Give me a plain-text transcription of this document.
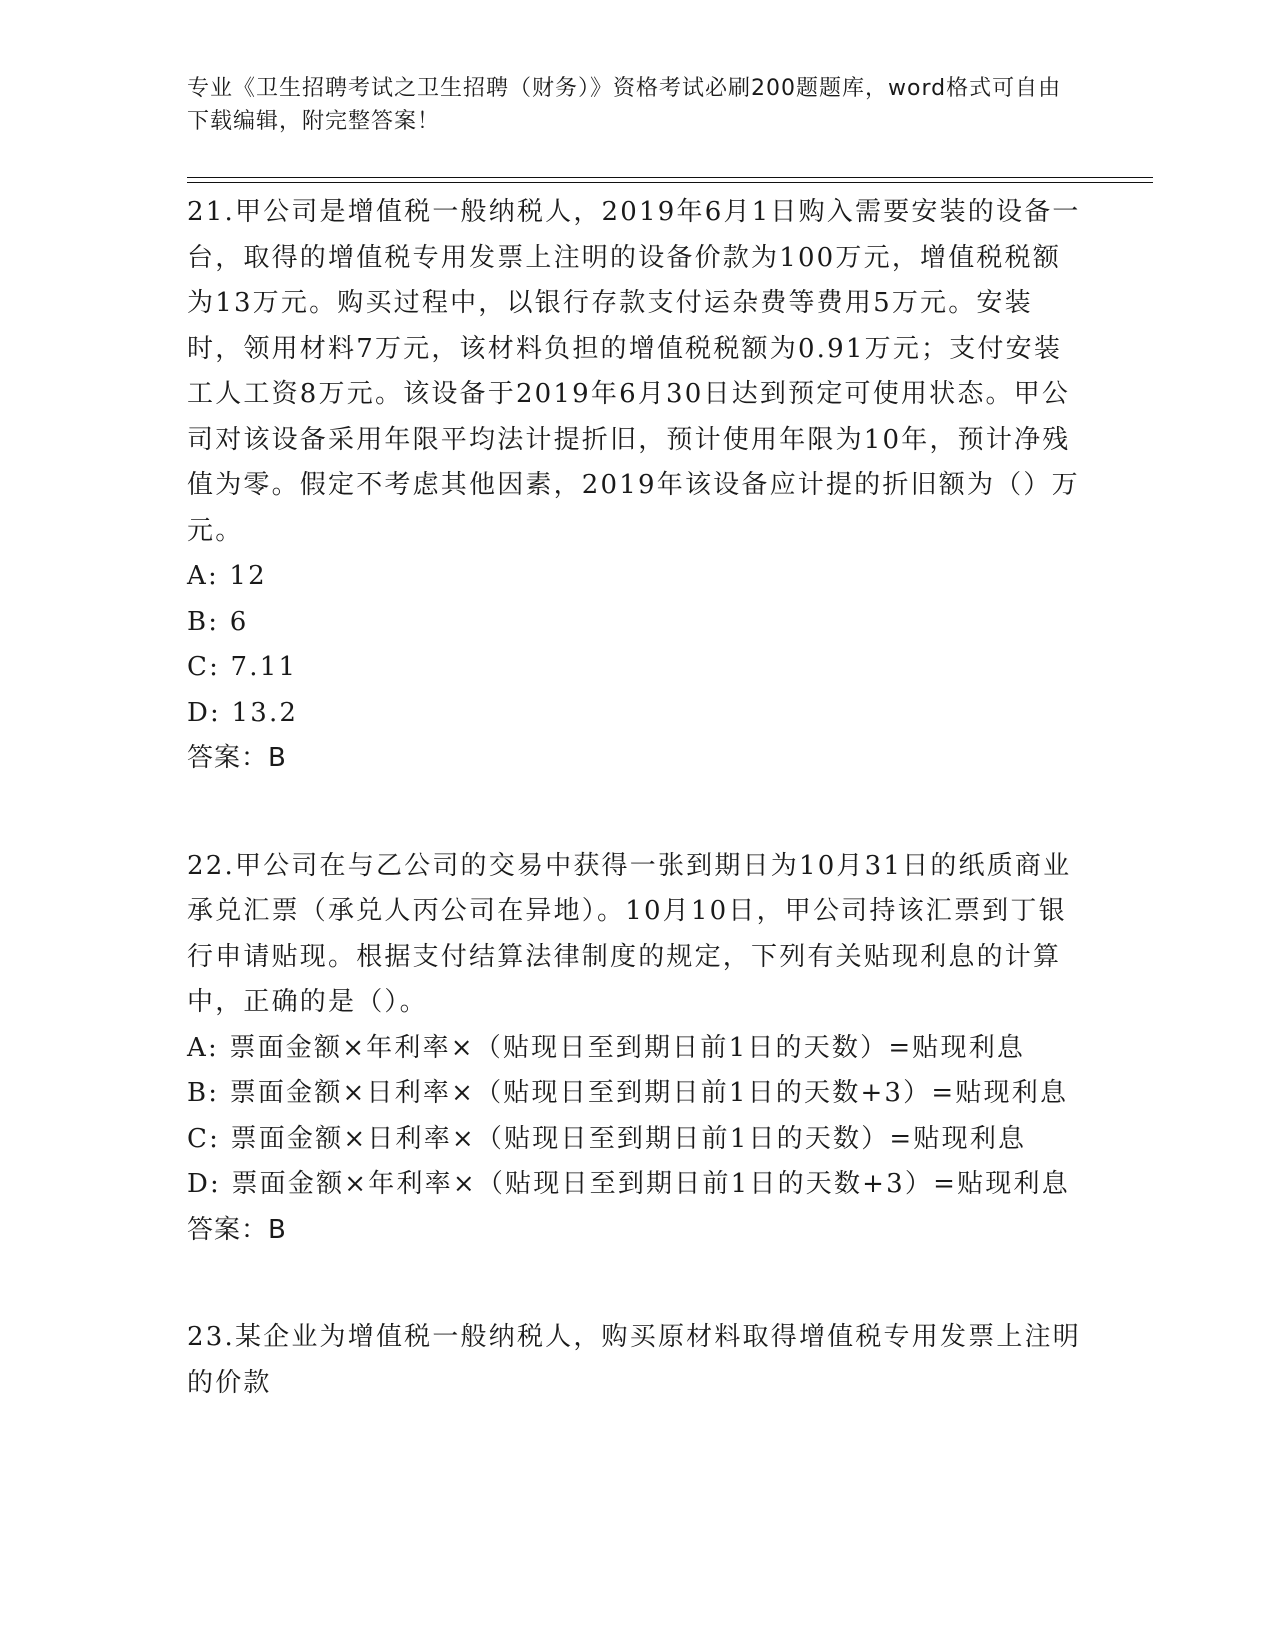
专业《卫生招聘考试之卫生招聘（财务）》资格考试必刷200题题库，word格式可自由下载编辑，附完整答案！

21.甲公司是增值税一般纳税人，2019年6月1日购入需要安装的设备一台，取得的增值税专用发票上注明的设备价款为100万元，增值税税额为13万元。购买过程中，以银行存款支付运杂费等费用5万元。安装时，领用材料7万元，该材料负担的增值税税额为0.91万元；支付安装工人工资8万元。该设备于2019年6月30日达到预定可使用状态。甲公司对该设备采用年限平均法计提折旧，预计使用年限为10年，预计净残值为零。假定不考虑其他因素，2019年该设备应计提的折旧额为（）万元。

A: 12
B: 6
C: 7.11
D: 13.2

答案：B

22.甲公司在与乙公司的交易中获得一张到期日为10月31日的纸质商业承兑汇票（承兑人丙公司在异地）。10月10日，甲公司持该汇票到丁银行申请贴现。根据支付结算法律制度的规定，下列有关贴现利息的计算中，正确的是（）。

A: 票面金额×年利率×（贴现日至到期日前1日的天数）=贴现利息
B: 票面金额×日利率×（贴现日至到期日前1日的天数+3）=贴现利息
C: 票面金额×日利率×（贴现日至到期日前1日的天数）=贴现利息
D: 票面金额×年利率×（贴现日至到期日前1日的天数+3）=贴现利息

答案：B

23.某企业为增值税一般纳税人，购买原材料取得增值税专用发票上注明的价款
